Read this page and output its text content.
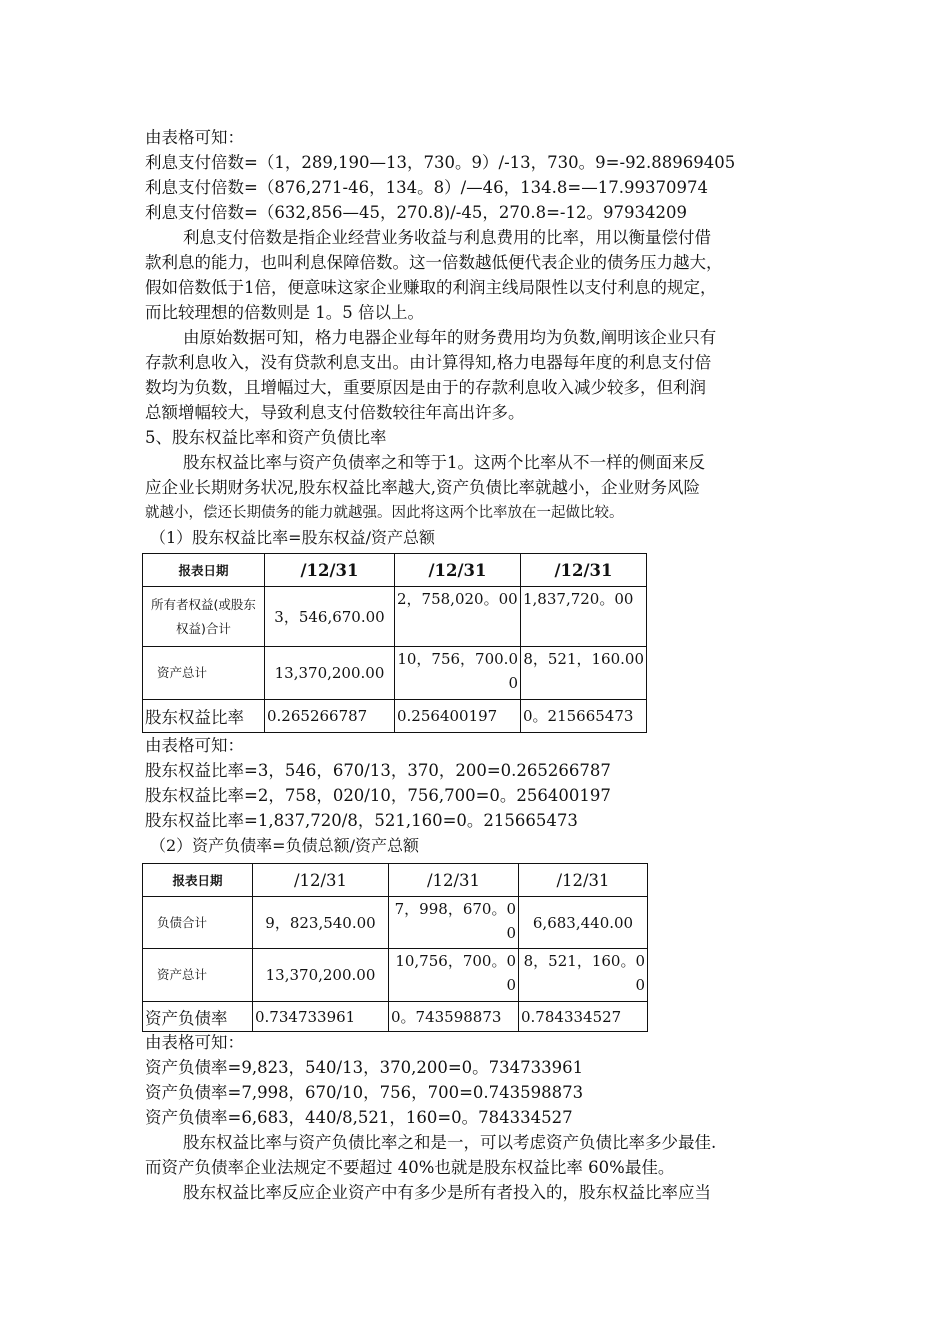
由表格可知：
利息支付倍数=（1，289,190—13，730。9）/-13，730。9=-92.88969405
利息支付倍数=（876,271-46，134。8）/—46，134.8=—17.99370974
利息支付倍数=（632,856—45，270.8)/-45，270.8=-12。97934209
利息支付倍数是指企业经营业务收益与利息费用的比率，用以衡量偿付借
款利息的能力，也叫利息保障倍数。这一倍数越低便代表企业的债务压力越大，
假如倍数低于1倍，便意味这家企业赚取的利润主线局限性以支付利息的规定，
而比较理想的倍数则是 1。5 倍以上。
由原始数据可知，格力电器企业每年的财务费用均为负数,阐明该企业只有
存款利息收入，没有贷款利息支出。由计算得知,格力电器每年度的利息支付倍
数均为负数，且增幅过大，重要原因是由于的存款利息收入减少较多，但利润
总额增幅较大，导致利息支付倍数较往年高出许多。
5、股东权益比率和资产负债比率
股东权益比率与资产负债率之和等于1。这两个比率从不一样的侧面来反
应企业长期财务状况,股东权益比率越大,资产负债比率就越小，企业财务风险
就越小，偿还长期债务的能力就越强。因此将这两个比率放在一起做比较。
（1）股东权益比率=股东权益/资产总额
报表日期	/12/31	/12/31	/12/31
所有者权益(或股东权益)合计	3，546,670.00	2，758,020。00	1,837,720。00
资产总计	13,370,200.00	10，756，700.00	8，521，160.00
股东权益比率	0.265266787	0.256400197	0。215665473
由表格可知：
股东权益比率=3，546，670/13，370，200=0.265266787
股东权益比率=2，758，020/10，756,700=0。256400197
股东权益比率=1,837,720/8，521,160=0。215665473
（2）资产负债率=负债总额/资产总额
报表日期	/12/31	/12/31	/12/31
负债合计	9，823,540.00	7，998，670。00	6,683,440.00
资产总计	13,370,200.00	10,756，700。00	8，521，160。00
资产负债率	0.734733961	0。743598873	0.784334527
由表格可知：
资产负债率=9,823，540/13，370,200=0。734733961
资产负债率=7,998，670/10，756，700=0.743598873
资产负债率=6,683，440/8,521，160=0。784334527
股东权益比率与资产负债比率之和是一，可以考虑资产负债比率多少最佳.
而资产负债率企业法规定不要超过 40%也就是股东权益比率 60%最佳。
股东权益比率反应企业资产中有多少是所有者投入的，股东权益比率应当
